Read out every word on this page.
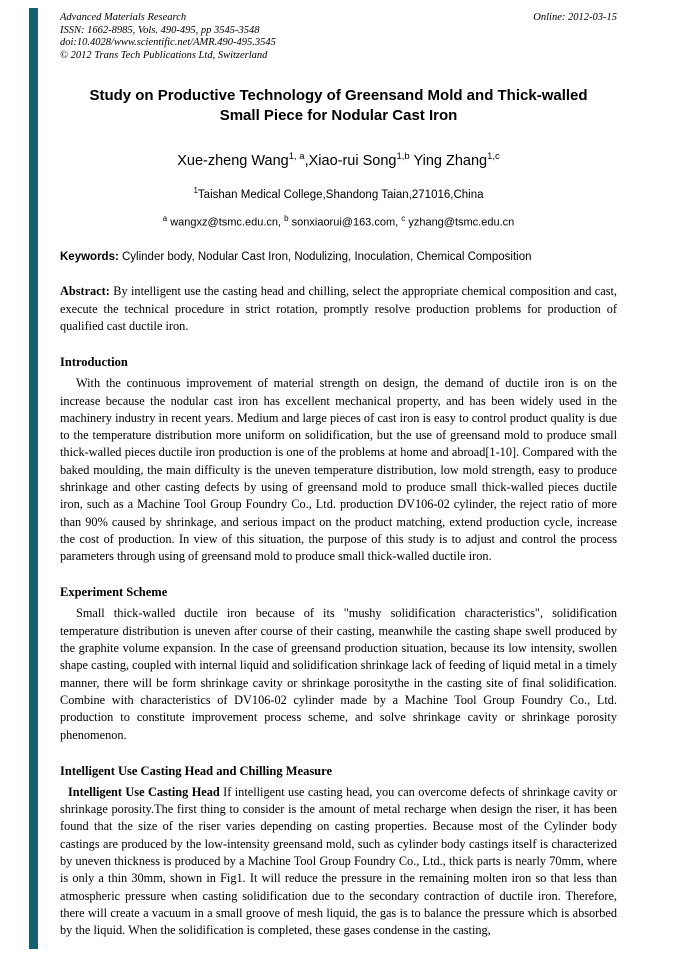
Advanced Materials Research
ISSN: 1662-8985, Vols. 490-495, pp 3545-3548
doi:10.4028/www.scientific.net/AMR.490-495.3545
© 2012 Trans Tech Publications Ltd, Switzerland
Online: 2012-03-15
Study on Productive Technology of Greensand Mold and Thick-walled Small Piece for Nodular Cast Iron
Xue-zheng Wang$^{1, a}$,Xiao-rui Song$^{1,b}$ Ying Zhang$^{1,c}$
$^1$Taishan Medical College,Shandong Taian,271016,China
$^a$ wangxz@tsmc.edu.cn, $^b$ sonxiaorui@163.com, $^c$ yzhang@tsmc.edu.cn
Keywords: Cylinder body, Nodular Cast Iron, Nodulizing, Inoculation, Chemical Composition
Abstract: By intelligent use the casting head and chilling, select the appropriate chemical composition and cast, execute the technical procedure in strict rotation, promptly resolve production problems for production of qualified cast ductile iron.
Introduction
With the continuous improvement of material strength on design, the demand of ductile iron is on the increase because the nodular cast iron has excellent mechanical property, and has been widely used in the machinery industry in recent years. Medium and large pieces of cast iron is easy to control product quality is due to the temperature distribution more uniform on solidification, but the use of greensand mold to produce small thick-walled pieces ductile iron production is one of the problems at home and abroad[1-10]. Compared with the baked moulding, the main difficulty is the uneven temperature distribution, low mold strength, easy to produce shrinkage and other casting defects by using of greensand mold to produce small thick-walled pieces ductile iron, such as a Machine Tool Group Foundry Co., Ltd. production DV106-02 cylinder, the reject ratio of more than 90% caused by shrinkage, and serious impact on the product matching, extend production cycle, increase the cost of production. In view of this situation, the purpose of this study is to adjust and control the process parameters through using of greensand mold to produce small thick-walled ductile iron.
Experiment Scheme
Small thick-walled ductile iron because of its "mushy solidification characteristics", solidification temperature distribution is uneven after course of their casting, meanwhile the casting shape swell produced by the graphite volume expansion. In the case of greensand production situation, because its low intensity, swollen shape casting, coupled with internal liquid and solidification shrinkage lack of feeding of liquid metal in a timely manner, there will be form shrinkage cavity or shrinkage porositythe in the casting site of final solidification. Combine with characteristics of DV106-02 cylinder made by a Machine Tool Group Foundry Co., Ltd. production to constitute improvement process scheme, and solve shrinkage cavity or shrinkage porosity phenomenon.
Intelligent Use Casting Head and Chilling Measure
Intelligent Use Casting Head If intelligent use casting head, you can overcome defects of shrinkage cavity or shrinkage porosity.The first thing to consider is the amount of metal recharge when design the riser, it has been found that the size of the riser varies depending on casting properties. Because most of the Cylinder body castings are produced by the low-intensity greensand mold, such as cylinder body castings itself is characterized by uneven thickness is produced by a Machine Tool Group Foundry Co., Ltd., thick parts is nearly 70mm, where is only a thin 30mm, shown in Fig1. It will reduce the pressure in the remaining molten iron so that less than atmospheric pressure when casting solidification due to the secondary contraction of ductile iron. Therefore, there will create a vacuum in a small groove of mesh liquid, the gas is to balance the pressure which is absorbed by the liquid. When the solidification is completed, these gases condense in the casting,
